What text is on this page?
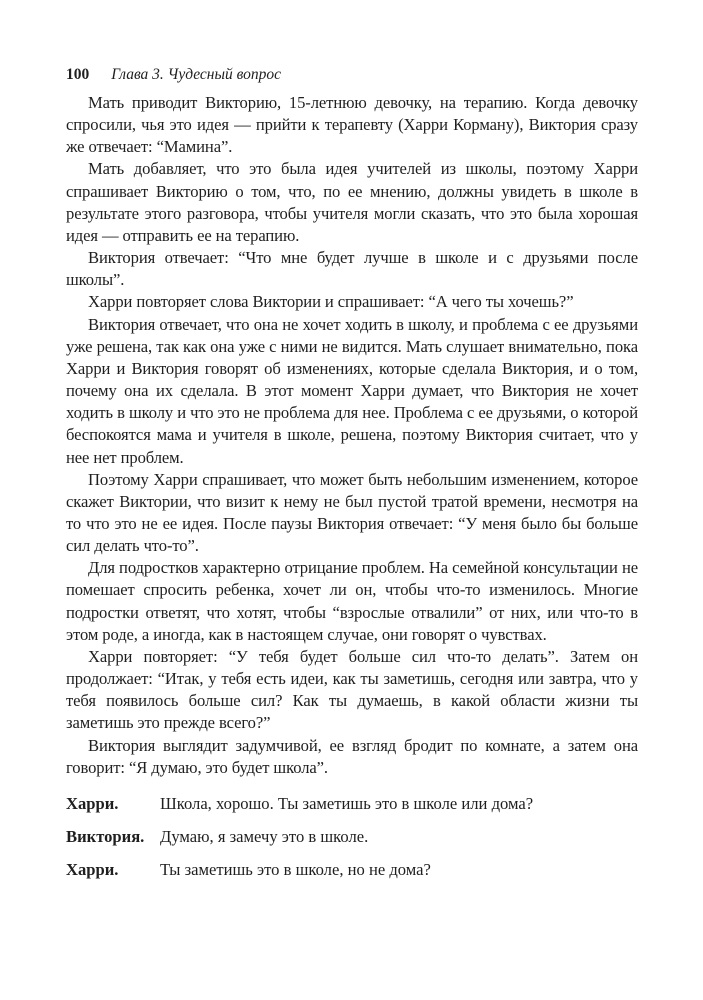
100 Глава 3. Чудесный вопрос

Мать приводит Викторию, 15-летнюю девочку, на терапию. Когда девочку спросили, чья это идея — прийти к терапевту (Харри Корману), Виктория сразу же отвечает: “Мамина”.

Мать добавляет, что это была идея учителей из школы, поэтому Харри спрашивает Викторию о том, что, по ее мнению, должны увидеть в школе в результате этого разговора, чтобы учителя могли сказать, что это была хорошая идея — отправить ее на терапию.

Виктория отвечает: “Что мне будет лучше в школе и с друзьями после школы”.

Харри повторяет слова Виктории и спрашивает: “А чего ты хочешь?”

Виктория отвечает, что она не хочет ходить в школу, и проблема с ее друзьями уже решена, так как она уже с ними не видится. Мать слушает внимательно, пока Харри и Виктория говорят об изменениях, которые сделала Виктория, и о том, почему она их сделала. В этот момент Харри думает, что Виктория не хочет ходить в школу и что это не проблема для нее. Проблема с ее друзьями, о которой беспокоятся мама и учителя в школе, решена, поэтому Виктория считает, что у нее нет проблем.

Поэтому Харри спрашивает, что может быть небольшим изменением, которое скажет Виктории, что визит к нему не был пустой тратой времени, несмотря на то что это не ее идея. После паузы Виктория отвечает: “У меня было бы больше сил делать что-то”.

Для подростков характерно отрицание проблем. На семейной консультации не помешает спросить ребенка, хочет ли он, чтобы что-то изменилось. Многие подростки ответят, что хотят, чтобы “взрослые отвалили” от них, или что-то в этом роде, а иногда, как в настоящем случае, они говорят о чувствах.

Харри повторяет: “У тебя будет больше сил что-то делать”. Затем он продолжает: “Итак, у тебя есть идеи, как ты заметишь, сегодня или завтра, что у тебя появилось больше сил? Как ты думаешь, в какой области жизни ты заметишь это прежде всего?”

Виктория выглядит задумчивой, ее взгляд бродит по комнате, а затем она говорит: “Я думаю, это будет школа”.

Харри.	Школа, хорошо. Ты заметишь это в школе или дома?
Виктория. Думаю, я замечу это в школе.
Харри.	Ты заметишь это в школе, но не дома?
